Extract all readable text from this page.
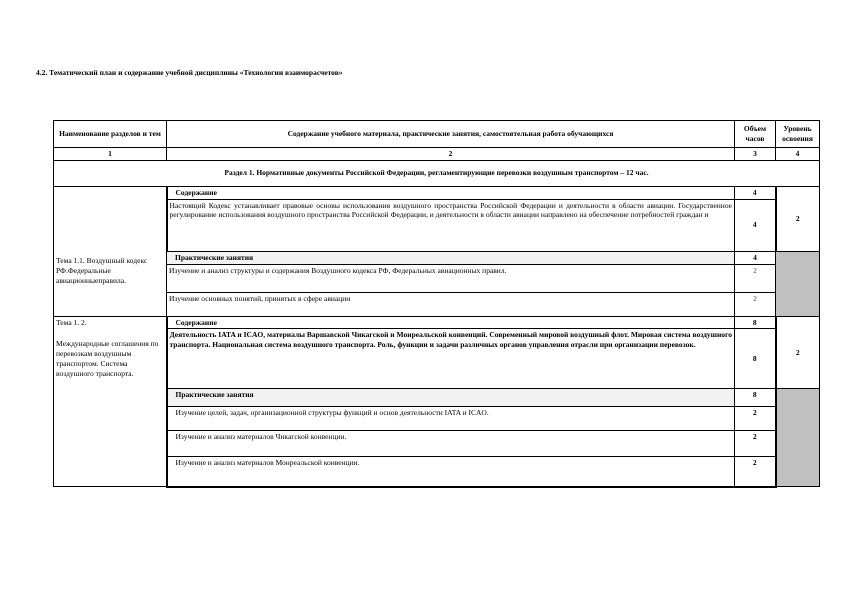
4.2. Тематический план и содержание учебной дисциплины «Технологии взаиморасчетов»
Наименование разделов и тем	Содержание учебного материала, практические занятия, самостоятельная работа обучающихся	Объем часов	Уровень освоения
1	2	3	4
Раздел 1. Нормативные документы Российской Федерации, регламентирующие перевозки воздушным транспортом – 12 час.			
Тема 1.1. Воздушный кодекс РФ.Федеральные авиационныеправила.	Содержание	4	2
	Настоящий Кодекс устанавливает правовые основы использования воздушного пространства Российской Федерации и деятельности в области авиации. Государственное регулирование использования воздушного пространства Российской Федерации, и деятельности в области авиации направлено на обеспечение потребностей граждан и	4	
	Практические занятия	4	
	Изучение и анализ структуры и содержания Воздушного кодекса РФ, Федеральных авиационных правил.	2	
	Изучение основных понятий, принятых в сфере авиации	2	

Тема 1. 2.
Международные соглашения по перевозкам воздушным транспортом. Система воздушного транспорта.	Содержание	8	2
	Деятельность IATA и ICAO, материалы Варшавской Чикагской и Монреальской конвенций. Современный мировой воздушный флот. Мировая система воздушного транспорта. Национальная система воздушного транспорта. Роль, функции и задачи различных органов управления отрасли при организации перевозок.	8	
	Практические занятия	8	
	Изучение целей, задач, организационной структуры функций и основ деятельности IATA и ICAO.	2	
	Изучение и анализ материалов Чикагской конвенции.	2	
	Изучение и анализ материалов Монреальской конвенции.	2	
